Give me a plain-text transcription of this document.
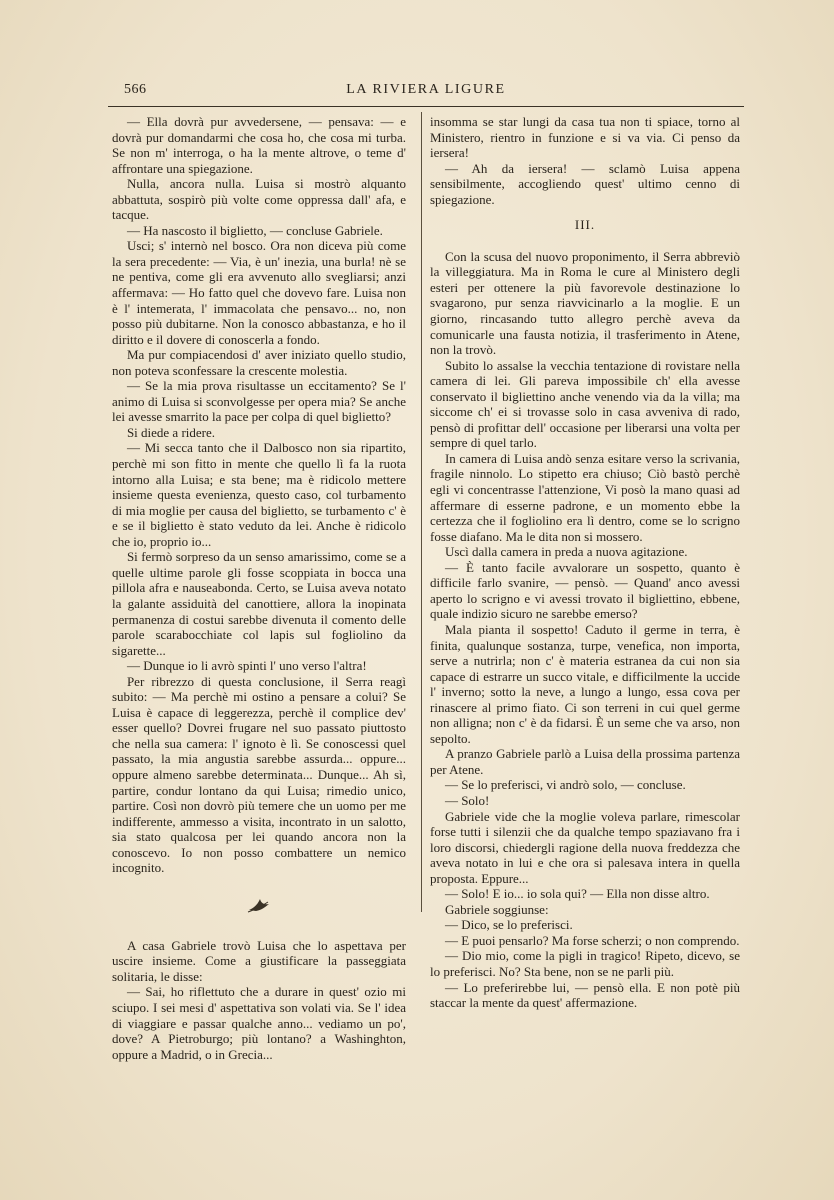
566	LA RIVIERA LIGURE

— Ella dovrà pur avvedersene, — pensava: — e dovrà pur domandarmi che cosa ho, che cosa mi turba. Se non m' interroga, o ha la mente altrove, o teme d' affrontare una spiegazione.

Nulla, ancora nulla. Luisa si mostrò alquanto abbattuta, sospirò più volte come oppressa dall' afa, e tacque.

— Ha nascosto il biglietto, — concluse Gabriele.

Usci; s' internò nel bosco. Ora non diceva più come la sera precedente: — Via, è un' inezia, una burla! nè se ne pentiva, come gli era avvenuto allo svegliarsi; anzi affermava: — Ho fatto quel che dovevo fare. Luisa non è l' intemerata, l' immacolata che pensavo... no, non posso più dubitarne. Non la conosco abbastanza, e ho il diritto e il dovere di conoscerla a fondo.

Ma pur compiacendosi d' aver iniziato quello studio, non poteva sconfessare la crescente molestia.

— Se la mia prova risultasse un eccitamento? Se l' animo di Luisa si sconvolgesse per opera mia? Se anche lei avesse smarrito la pace per colpa di quel biglietto?

Si diede a ridere.

— Mi secca tanto che il Dalbosco non sia ripartito, perchè mi son fitto in mente che quello lì fa la ruota intorno alla Luisa; e sta bene; ma è ridicolo mettere insieme questa evenienza, questo caso, col turbamento di mia moglie per causa del biglietto, se turbamento c' è e se il biglietto è stato veduto da lei. Anche è ridicolo che io, proprio io...

Si fermò sorpreso da un senso amarissimo, come se a quelle ultime parole gli fosse scoppiata in bocca una pillola afra e nauseabonda. Certo, se Luisa aveva notato la galante assiduità del canottiere, allora la inopinata permanenza di costui sarebbe divenuta il comento delle parole scarabocchiate col lapis sul fogliolino da sigarette...

— Dunque io li avrò spinti l' uno verso l'altra!

Per ribrezzo di questa conclusione, il Serra reagì subito: — Ma perchè mi ostino a pensare a colui? Se Luisa è capace di leggerezza, perchè il complice dev' esser quello? Dovrei frugare nel suo passato piuttosto che nella sua camera: l' ignoto è lì. Se conoscessi quel passato, la mia angustia sarebbe assurda... oppure... oppure almeno sarebbe determinata... Dunque... Ah sì, partire, condur lontano da qui Luisa; rimedio unico, partire. Così non dovrò più temere che un uomo per me indifferente, ammesso a visita, incontrato in un salotto, sia stato qualcosa per lei quando ancora non la conoscevo. Io non posso combattere un nemico incognito.

A casa Gabriele trovò Luisa che lo aspettava per uscire insieme. Come a giustificare la passeggiata solitaria, le disse:

— Sai, ho riflettuto che a durare in quest' ozio mi sciupo. I sei mesi d' aspettativa son volati via. Se l' idea di viaggiare e passar qualche anno... vediamo un po', dove? A Pietroburgo; più lontano? a Washinghton, oppure a Madrid, o in Grecia...

insomma se star lungi da casa tua non ti spiace, torno al Ministero, rientro in funzione e si va via. Ci penso da iersera!

— Ah da iersera! — sclamò Luisa appena sensibilmente, accogliendo quest' ultimo cenno di spiegazione.

III.

Con la scusa del nuovo proponimento, il Serra abbreviò la villeggiatura. Ma in Roma le cure al Ministero degli esteri per ottenere la più favorevole destinazione lo svagarono, pur senza riavvicinarlo a la moglie. E un giorno, rincasando tutto allegro perchè aveva da comunicarle una fausta notizia, il trasferimento in Atene, non la trovò.

Subito lo assalse la vecchia tentazione di rovistare nella camera di lei. Gli pareva impossibile ch' ella avesse conservato il bigliettino anche venendo via da la villa; ma siccome ch' ei si trovasse solo in casa avveniva di rado, pensò di profittar dell' occasione per liberarsi una volta per sempre di quel tarlo.

In camera di Luisa andò senza esitare verso la scrivania, fragile ninnolo. Lo stipetto era chiuso; Ciò bastò perchè egli vi concentrasse l'attenzione, Vi posò la mano quasi ad affermare di esserne padrone, e un momento ebbe la certezza che il fogliolino era lì dentro, come se lo scrigno fosse diafano. Ma le dita non si mossero.

Uscì dalla camera in preda a nuova agitazione.

— È tanto facile avvalorare un sospetto, quanto è difficile farlo svanire, — pensò. — Quand' anco avessi aperto lo scrigno e vi avessi trovato il bigliettino, ebbene, quale indizio sicuro ne sarebbe emerso?

Mala pianta il sospetto! Caduto il germe in terra, è finita, qualunque sostanza, turpe, venefica, non importa, serve a nutrirla; non c' è materia estranea da cui non sia capace di estrarre un succo vitale, e difficilmente la uccide l' inverno; sotto la neve, a lungo a lungo, essa cova per rinascere al primo fiato. Ci son terreni in cui quel germe non alligna; non c' è da fidarsi. È un seme che va arso, non sepolto.

A pranzo Gabriele parlò a Luisa della prossima partenza per Atene.

— Se lo preferisci, vi andrò solo, — concluse.

— Solo!

Gabriele vide che la moglie voleva parlare, rimescolar forse tutti i silenzii che da qualche tempo spaziavano fra i loro discorsi, chiedergli ragione della nuova freddezza che aveva notato in lui e che ora si palesava intera in quella proposta. Eppure...

— Solo! E io... io sola qui? — Ella non disse altro.

Gabriele soggiunse:

— Dico, se lo preferisci.

— E puoi pensarlo? Ma forse scherzi; o non comprendo.

— Dio mio, come la pigli in tragico! Ripeto, dicevo, se lo preferisci. No? Sta bene, non se ne parli più.

— Lo preferirebbe lui, — pensò ella. E non potè più staccar la mente da quest' affermazione.
